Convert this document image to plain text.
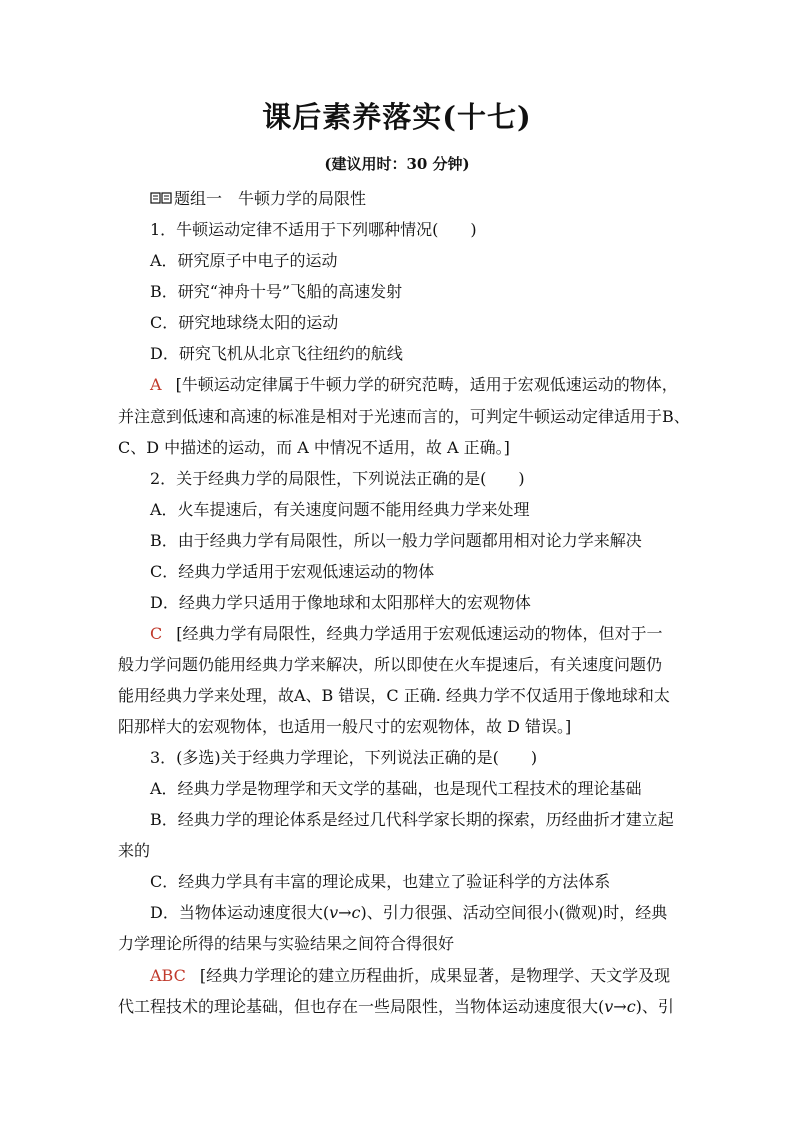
课后素养落实(十七)
(建议用时：30 分钟)
题组一　牛顿力学的局限性
1．牛顿运动定律不适用于下列哪种情况(　　)
A．研究原子中电子的运动
B．研究“神舟十号”飞船的高速发射
C．研究地球绕太阳的运动
D．研究飞机从北京飞往纽约的航线
A [牛顿运动定律属于牛顿力学的研究范畴，适用于宏观低速运动的物体，
并注意到低速和高速的标准是相对于光速而言的，可判定牛顿运动定律适用于B、
C、D 中描述的运动，而 A 中情况不适用，故 A 正确。]
2．关于经典力学的局限性，下列说法正确的是(　　)
A．火车提速后，有关速度问题不能用经典力学来处理
B．由于经典力学有局限性，所以一般力学问题都用相对论力学来解决
C．经典力学适用于宏观低速运动的物体
D．经典力学只适用于像地球和太阳那样大的宏观物体
C [经典力学有局限性，经典力学适用于宏观低速运动的物体，但对于一
般力学问题仍能用经典力学来解决，所以即使在火车提速后，有关速度问题仍
能用经典力学来处理，故A、B 错误，C 正确. 经典力学不仅适用于像地球和太
阳那样大的宏观物体，也适用一般尺寸的宏观物体，故 D 错误。]
3．(多选)关于经典力学理论，下列说法正确的是(　　)
A．经典力学是物理学和天文学的基础，也是现代工程技术的理论基础
B．经典力学的理论体系是经过几代科学家长期的探索，历经曲折才建立起
来的
C．经典力学具有丰富的理论成果，也建立了验证科学的方法体系
D．当物体运动速度很大(v→c)、引力很强、活动空间很小(微观)时，经典
力学理论所得的结果与实验结果之间符合得很好
ABC [经典力学理论的建立历程曲折，成果显著，是物理学、天文学及现
代工程技术的理论基础，但也存在一些局限性，当物体运动速度很大(v→c)、引
